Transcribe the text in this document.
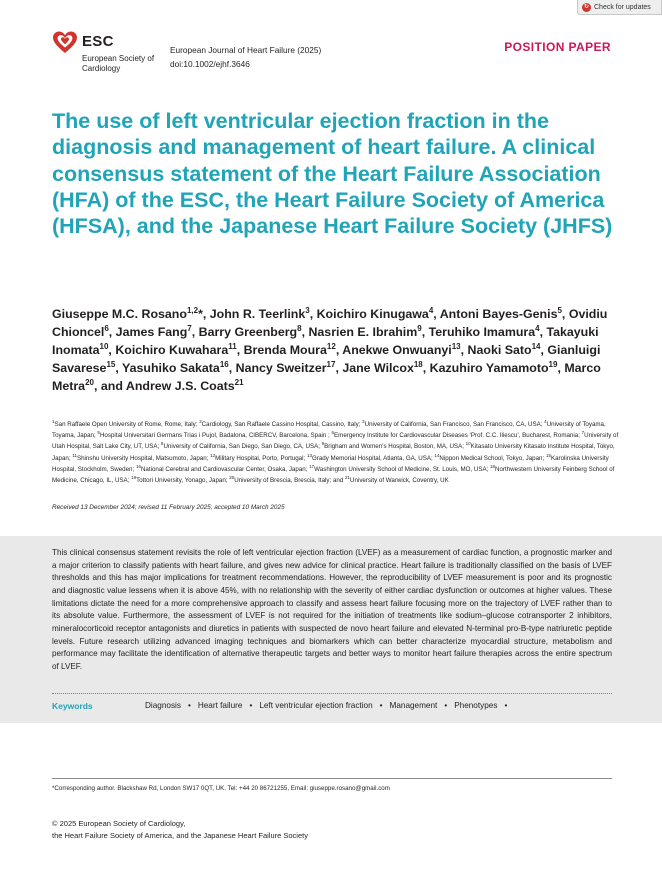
↻ Check for updates
ESC
European Society of Cardiology
European Journal of Heart Failure (2025)
doi:10.1002/ejhf.3646
POSITION PAPER
The use of left ventricular ejection fraction in the diagnosis and management of heart failure. A clinical consensus statement of the Heart Failure Association (HFA) of the ESC, the Heart Failure Society of America (HFSA), and the Japanese Heart Failure Society (JHFS)
Giuseppe M.C. Rosano$^{1,2}$*, John R. Teerlink$^3$, Koichiro Kinugawa$^4$, Antoni Bayes-Genis$^5$, Ovidiu Chioncel$^6$, James Fang$^7$, Barry Greenberg$^8$, Nasrien E. Ibrahim$^9$, Teruhiko Imamura$^4$, Takayuki Inomata$^{10}$, Koichiro Kuwahara$^{11}$, Brenda Moura$^{12}$, Anekwe Onwuanyi$^{13}$, Naoki Sato$^{14}$, Gianluigi Savarese$^{15}$, Yasuhiko Sakata$^{16}$, Nancy Sweitzer$^{17}$, Jane Wilcox$^{18}$, Kazuhiro Yamamoto$^{19}$, Marco Metra$^{20}$, and Andrew J.S. Coats$^{21}$
$^1$San Raffaele Open University of Rome, Rome, Italy; $^2$Cardiology, San Raffaele Cassino Hospital, Cassino, Italy; $^3$University of California, San Francisco, San Francisco, CA, USA; $^4$University of Toyama, Toyama, Japan; $^5$Hospital Universitari Germans Trias i Pujol, Badalona, CIBERCV, Barcelona, Spain ; $^6$Emergency Institute for Cardiovascular Diseases ‘Prof. C.C. Iliescu’, Bucharest, Romania; $^7$University of Utah Hospital, Salt Lake City, UT, USA; $^8$University of California, San Diego, San Diego, CA, USA; $^9$Brigham and Women’s Hospital, Boston, MA, USA; $^{10}$Kitasato University Kitasato Institute Hospital, Tokyo, Japan; $^{11}$Shinshu University Hospital, Matsumoto, Japan; $^{12}$Military Hospital, Porto, Portugal; $^{13}$Grady Memorial Hospital, Atlanta, GA, USA; $^{14}$Nippon Medical School, Tokyo, Japan; $^{15}$Karolinska University Hospital, Stockholm, Sweden; $^{16}$National Cerebral and Cardiovascular Center, Osaka, Japan; $^{17}$Washington University School of Medicine, St. Louis, MO, USA; $^{18}$Northwestern University Feinberg School of Medicine, Chicago, IL, USA; $^{19}$Tottori University, Yonago, Japan; $^{20}$University of Brescia, Brescia, Italy; and $^{21}$University of Warwick, Coventry, UK
Received 13 December 2024; revised 11 February 2025; accepted 10 March 2025
This clinical consensus statement revisits the role of left ventricular ejection fraction (LVEF) as a measurement of cardiac function, a prognostic marker and a major criterion to classify patients with heart failure, and gives new advice for clinical practice. Heart failure is traditionally classified on the basis of LVEF thresholds and this has major implications for treatment recommendations. However, the reproducibility of LVEF measurement is poor and its prognostic and diagnostic value lessens when it is above 45%, with no relationship with the severity of either cardiac dysfunction or outcomes at higher values. These limitations dictate the need for a more comprehensive approach to classify and assess heart failure focusing more on the trajectory of LVEF rather than to its absolute value. Furthermore, the assessment of LVEF is not required for the initiation of treatments like sodium–glucose cotransporter 2 inhibitors, mineralocorticoid receptor antagonists and diuretics in patients with suspected de novo heart failure and elevated N-terminal pro-B-type natriuretic peptide levels. Future research utilizing advanced imaging techniques and biomarkers which can better characterize myocardial structure, metabolism and performance may facilitate the identification of alternative therapeutic targets and better ways to monitor heart failure therapies across the entire spectrum of LVEF.
Keywords	Diagnosis • Heart failure • Left ventricular ejection fraction • Management • Phenotypes •
*Corresponding author. Blackshaw Rd, London SW17 0QT, UK. Tel: +44 20 86721255, Email: giuseppe.rosano@gmail.com
© 2025 European Society of Cardiology,
the Heart Failure Society of America, and the Japanese Heart Failure Society
